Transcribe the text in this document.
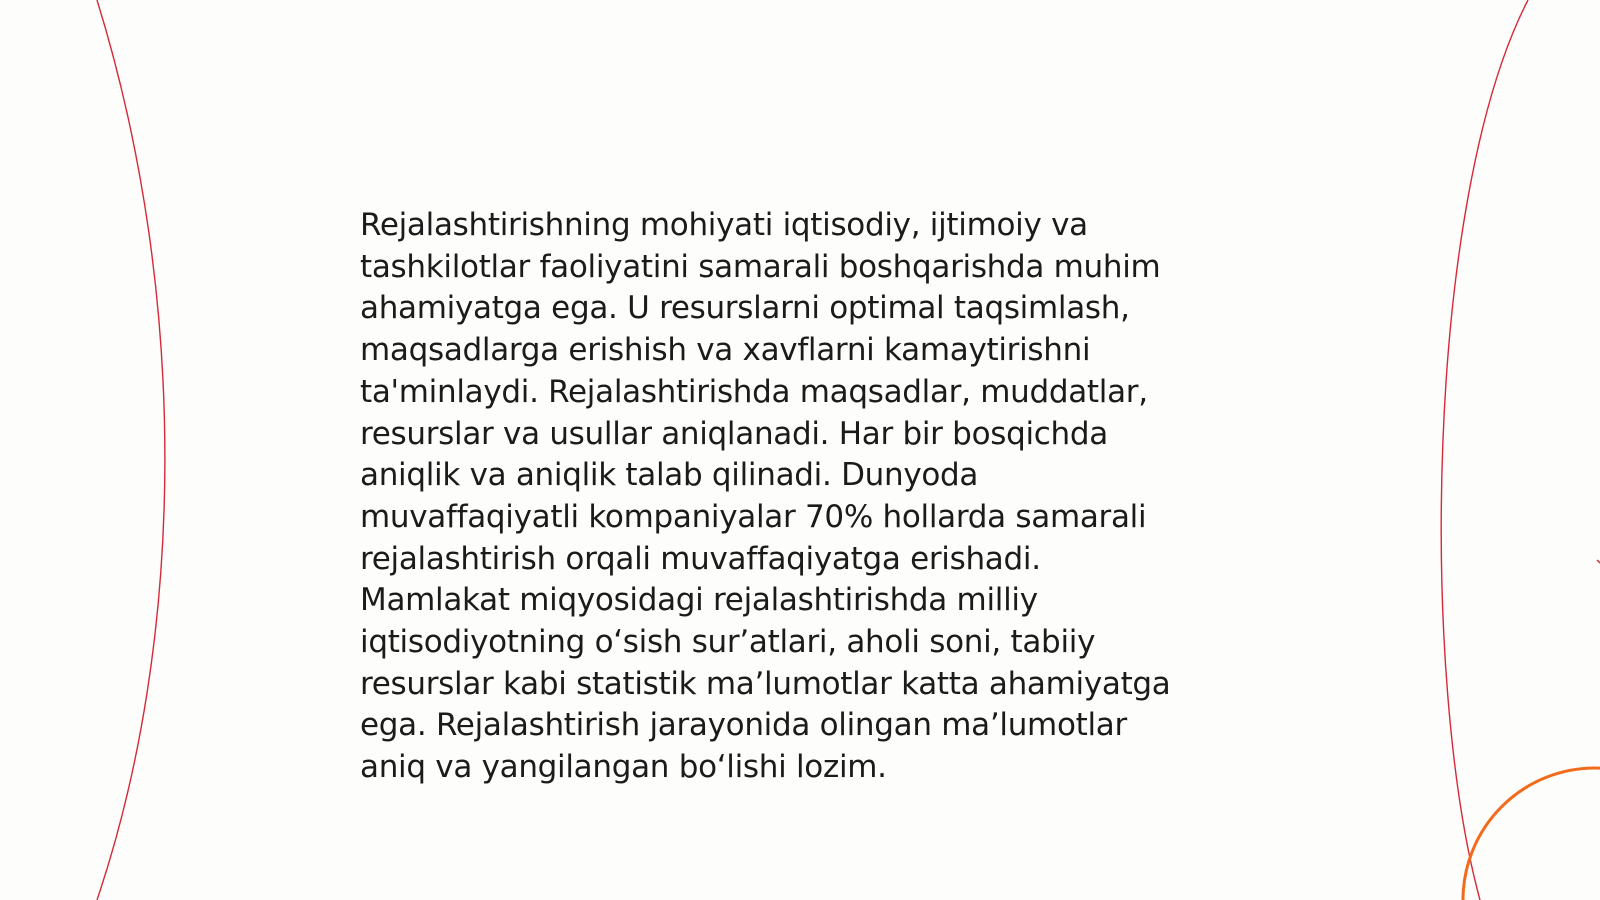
Rejalashtirishning mohiyati iqtisodiy, ijtimoiy va
tashkilotlar faoliyatini samarali boshqarishda muhim
ahamiyatga ega. U resurslarni optimal taqsimlash,
maqsadlarga erishish va xavflarni kamaytirishni
ta'minlaydi. Rejalashtirishda maqsadlar, muddatlar,
resurslar va usullar aniqlanadi. Har bir bosqichda
aniqlik va aniqlik talab qilinadi. Dunyoda
muvaffaqiyatli kompaniyalar 70% hollarda samarali
rejalashtirish orqali muvaffaqiyatga erishadi.
Mamlakat miqyosidagi rejalashtirishda milliy
iqtisodiyotning o‘sish sur’atlari, aholi soni, tabiiy
resurslar kabi statistik ma’lumotlar katta ahamiyatga
ega. Rejalashtirish jarayonida olingan ma’lumotlar
aniq va yangilangan bo‘lishi lozim.
